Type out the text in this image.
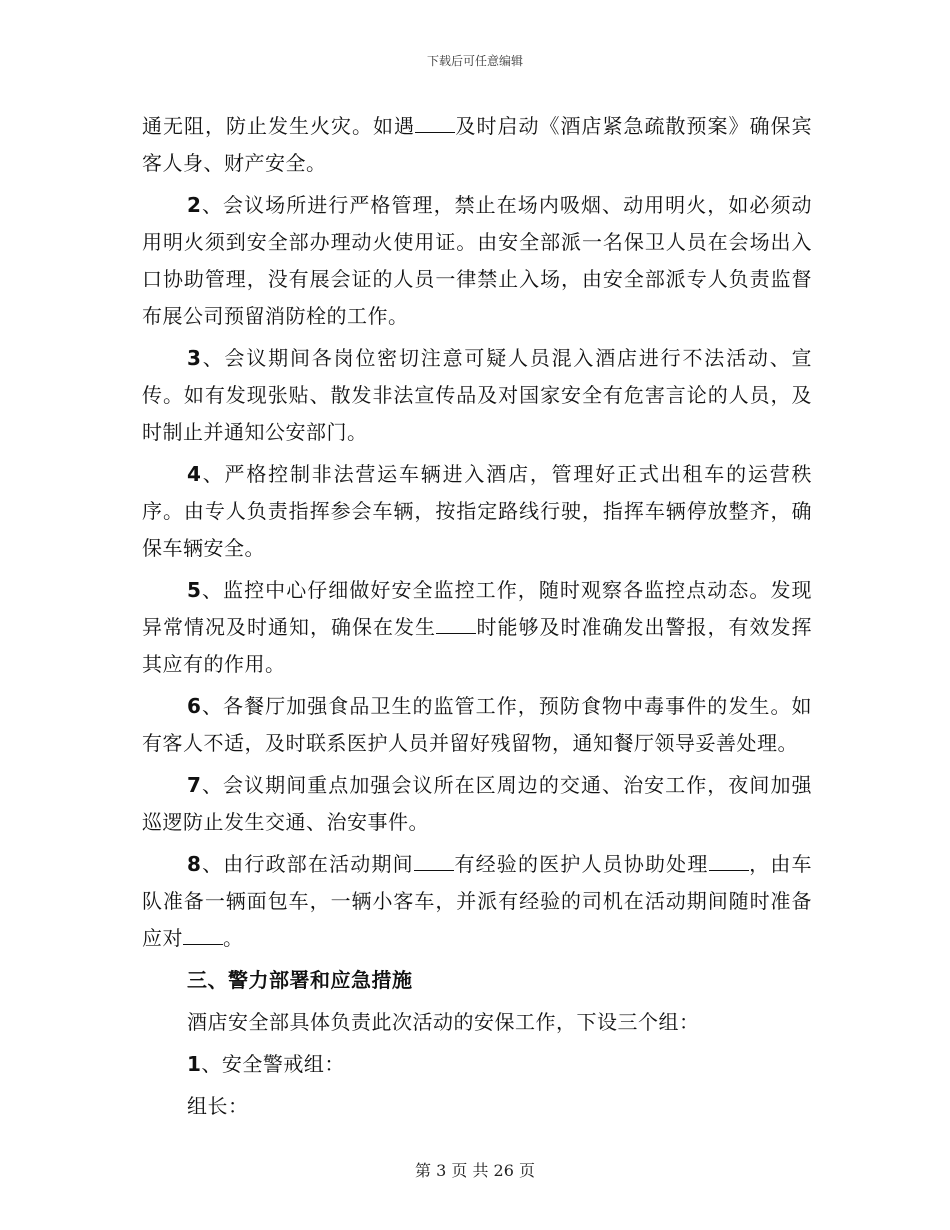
下载后可任意编辑

通无阻，防止发生火灾。如遇 及时启动《酒店紧急疏散预案》确保宾客人身、财产安全。

2、会议场所进行严格管理，禁止在场内吸烟、动用明火，如必须动用明火须到安全部办理动火使用证。由安全部派一名保卫人员在会场出入口协助管理，没有展会证的人员一律禁止入场，由安全部派专人负责监督布展公司预留消防栓的工作。

3、会议期间各岗位密切注意可疑人员混入酒店进行不法活动、宣传。如有发现张贴、散发非法宣传品及对国家安全有危害言论的人员，及时制止并通知公安部门。

4、严格控制非法营运车辆进入酒店，管理好正式出租车的运营秩序。由专人负责指挥参会车辆，按指定路线行驶，指挥车辆停放整齐，确保车辆安全。

5、监控中心仔细做好安全监控工作，随时观察各监控点动态。发现异常情况及时通知，确保在发生 时能够及时准确发出警报，有效发挥其应有的作用。

6、各餐厅加强食品卫生的监管工作，预防食物中毒事件的发生。如有客人不适，及时联系医护人员并留好残留物，通知餐厅领导妥善处理。

7、会议期间重点加强会议所在区周边的交通、治安工作，夜间加强巡逻防止发生交通、治安事件。

8、由行政部在活动期间 有经验的医护人员协助处理 ，由车队准备一辆面包车，一辆小客车，并派有经验的司机在活动期间随时准备应对 。

三、警力部署和应急措施

酒店安全部具体负责此次活动的安保工作，下设三个组：

1、安全警戒组：

组长：

第 3 页 共 26 页
